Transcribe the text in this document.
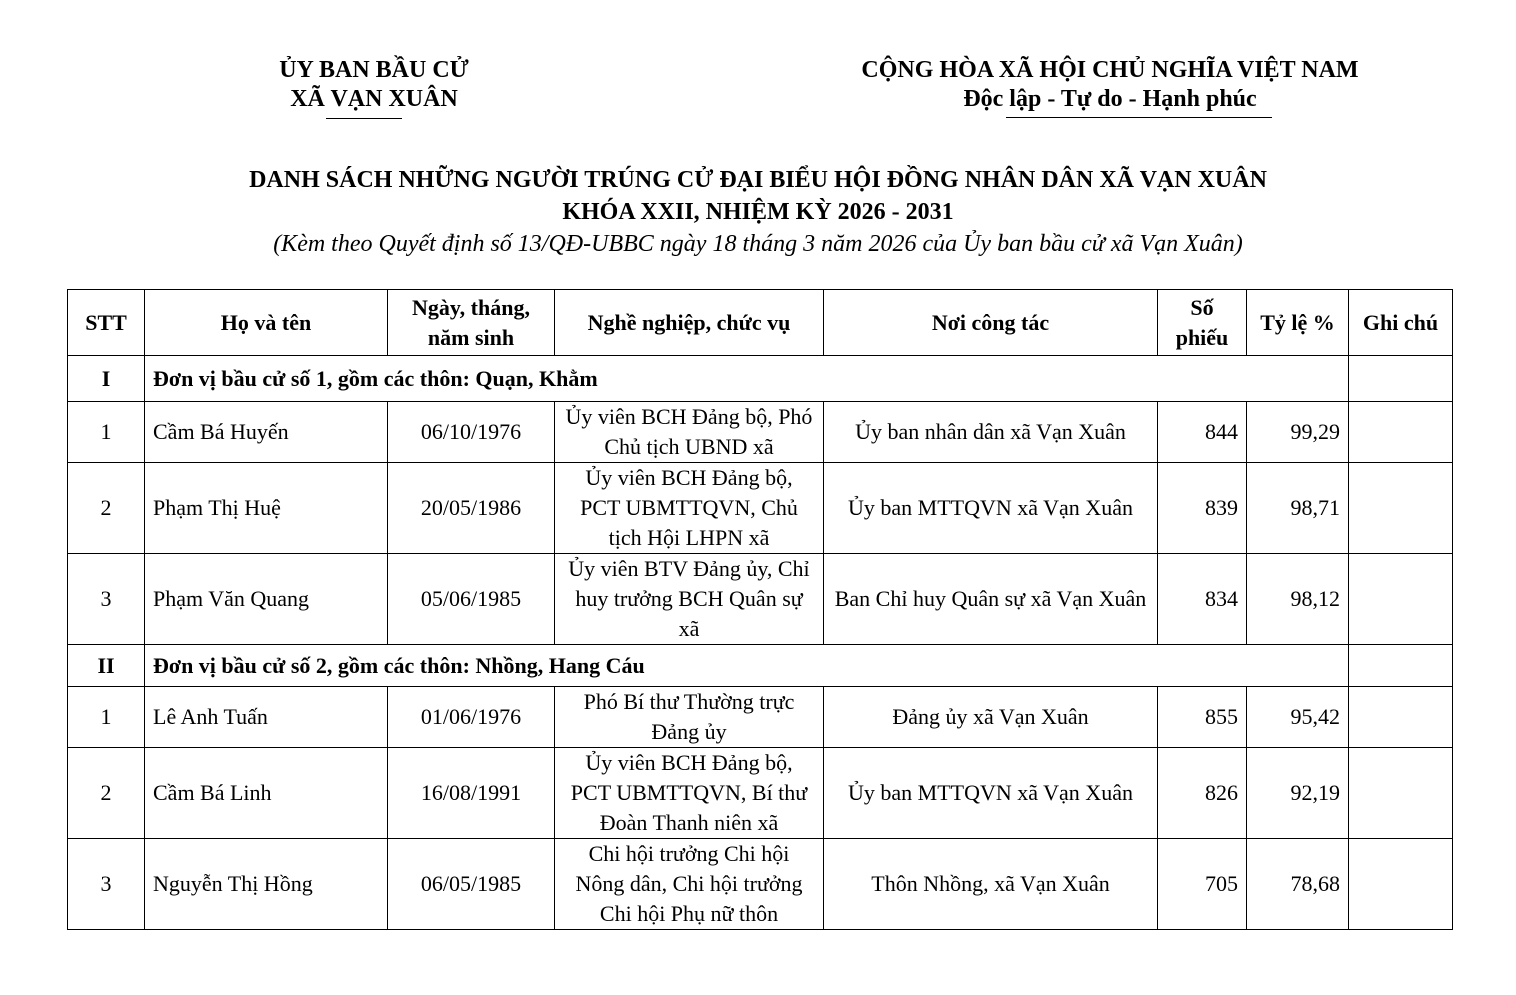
ỦY BAN BẦU CỬ
XÃ VẠN XUÂN
CỘNG HÒA XÃ HỘI CHỦ NGHĨA VIỆT NAM
Độc lập - Tự do - Hạnh phúc
DANH SÁCH NHỮNG NGƯỜI TRÚNG CỬ ĐẠI BIỂU HỘI ĐỒNG NHÂN DÂN XÃ VẠN XUÂN
KHÓA XXII, NHIỆM KỲ 2026 - 2031
(Kèm theo Quyết định số 13/QĐ-UBBC ngày 18 tháng 3 năm 2026 của Ủy ban bầu cử xã Vạn Xuân)
STT	Họ và tên	Ngày, tháng, năm sinh	Nghề nghiệp, chức vụ	Nơi công tác	Số phiếu	Tỷ lệ %	Ghi chú
I	Đơn vị bầu cử số 1, gồm các thôn: Quạn, Khằm						
1	Cầm Bá Huyến	06/10/1976	Ủy viên BCH Đảng bộ, Phó Chủ tịch UBND xã	Ủy ban nhân dân xã Vạn Xuân	844	99,29	
2	Phạm Thị Huệ	20/05/1986	Ủy viên BCH Đảng bộ, PCT UBMTTQVN, Chủ tịch Hội LHPN xã	Ủy ban MTTQVN xã Vạn Xuân	839	98,71	
3	Phạm Văn Quang	05/06/1985	Ủy viên BTV Đảng ủy, Chỉ huy trưởng BCH Quân sự xã	Ban Chỉ huy Quân sự xã Vạn Xuân	834	98,12	
II	Đơn vị bầu cử số 2, gồm các thôn: Nhồng, Hang Cáu						
1	Lê Anh Tuấn	01/06/1976	Phó Bí thư Thường trực Đảng ủy	Đảng ủy xã Vạn Xuân	855	95,42	
2	Cầm Bá Linh	16/08/1991	Ủy viên BCH Đảng bộ, PCT UBMTTQVN, Bí thư Đoàn Thanh niên xã	Ủy ban MTTQVN xã Vạn Xuân	826	92,19	
3	Nguyễn Thị Hồng	06/05/1985	Chi hội trưởng Chi hội Nông dân, Chi hội trưởng Chi hội Phụ nữ thôn	Thôn Nhồng, xã Vạn Xuân	705	78,68	
